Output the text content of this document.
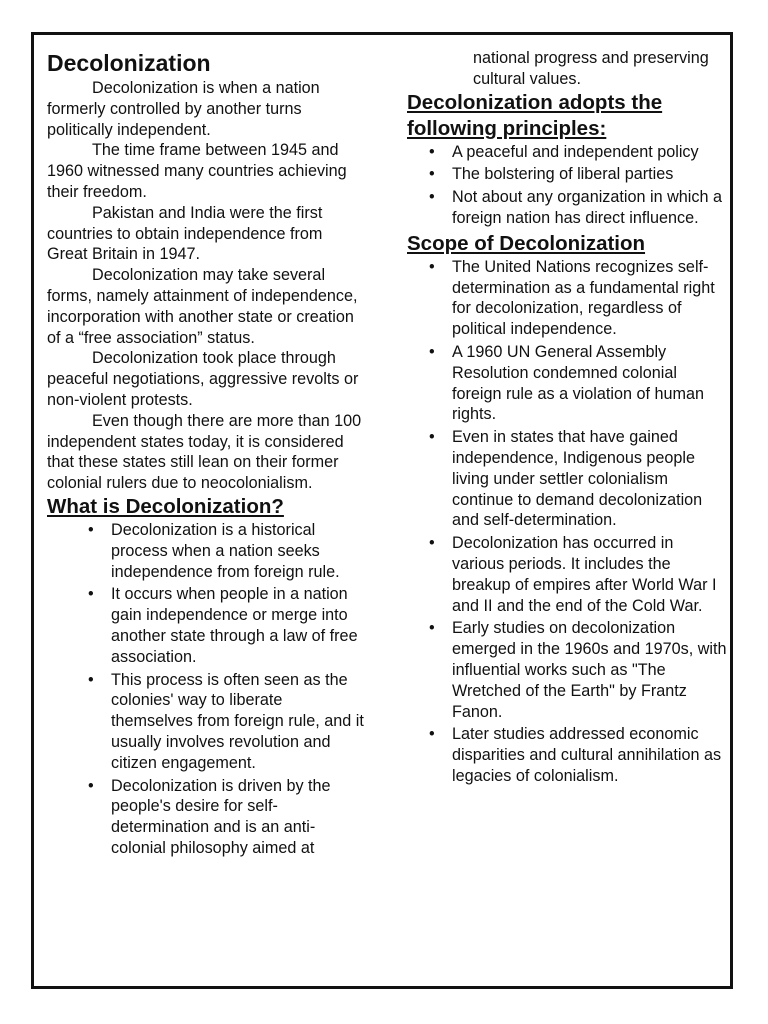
Decolonization

Decolonization is when a nation formerly controlled by another turns politically independent.

The time frame between 1945 and 1960 witnessed many countries achieving their freedom.

Pakistan and India were the first countries to obtain independence from Great Britain in 1947.

Decolonization may take several forms, namely attainment of independence, incorporation with another state or creation of a “free association” status.

Decolonization took place through peaceful negotiations, aggressive revolts or non-violent protests.

Even though there are more than 100 independent states today, it is considered that these states still lean on their former colonial rulers due to neocolonialism.

What is Decolonization?
• Decolonization is a historical process when a nation seeks independence from foreign rule.
• It occurs when people in a nation gain independence or merge into another state through a law of free association.
• This process is often seen as the colonies' way to liberate themselves from foreign rule, and it usually involves revolution and citizen engagement.
• Decolonization is driven by the people's desire for self-determination and is an anti-colonial philosophy aimed at

national progress and preserving cultural values.

Decolonization adopts the following principles:
• A peaceful and independent policy
• The bolstering of liberal parties
• Not about any organization in which a foreign nation has direct influence.
Scope of Decolonization
• The United Nations recognizes self-determination as a fundamental right for decolonization, regardless of political independence.
• A 1960 UN General Assembly Resolution condemned colonial foreign rule as a violation of human rights.
• Even in states that have gained independence, Indigenous people living under settler colonialism continue to demand decolonization and self-determination.
• Decolonization has occurred in various periods. It includes the breakup of empires after World War I and II and the end of the Cold War.
• Early studies on decolonization emerged in the 1960s and 1970s, with influential works such as "The Wretched of the Earth" by Frantz Fanon.
• Later studies addressed economic disparities and cultural annihilation as legacies of colonialism.
